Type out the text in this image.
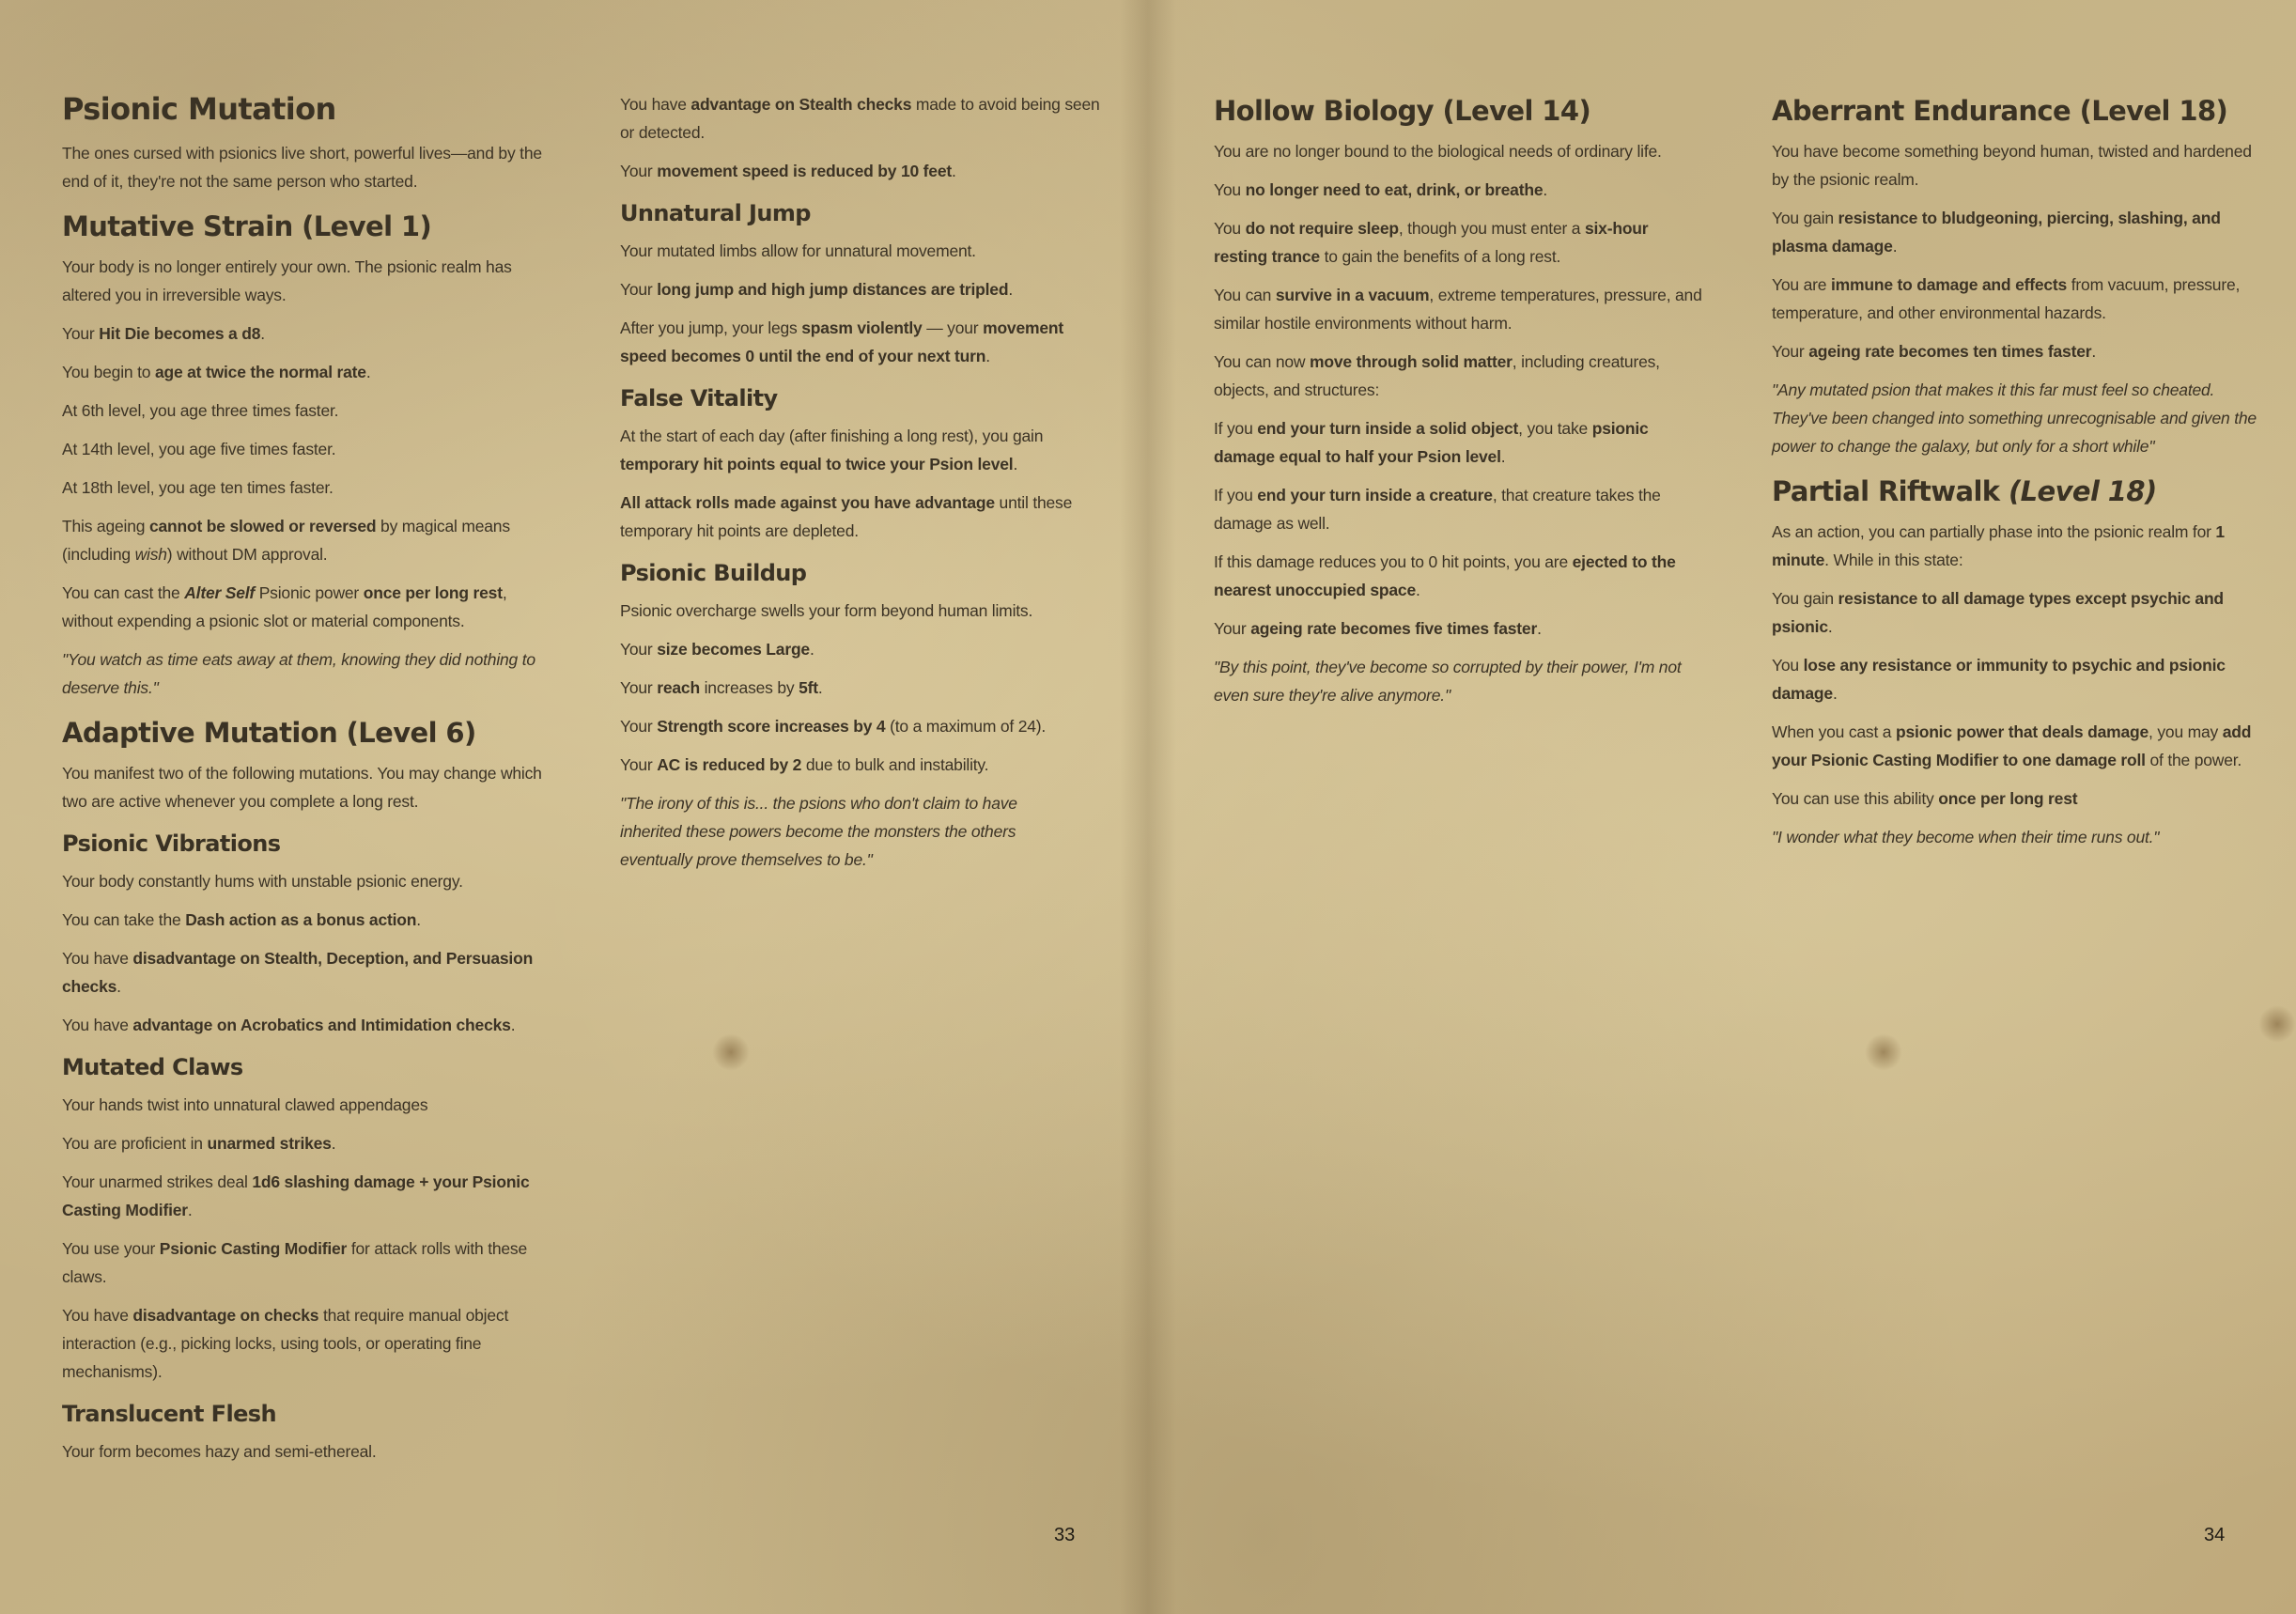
Psionic Mutation

The ones cursed with psionics live short, powerful lives—and by the end of it, they're not the same person who started.

Mutative Strain (Level 1)

Your body is no longer entirely your own. The psionic realm has altered you in irreversible ways.

Your Hit Die becomes a d8.

You begin to age at twice the normal rate.

At 6th level, you age three times faster.

At 14th level, you age five times faster.

At 18th level, you age ten times faster.

This ageing cannot be slowed or reversed by magical means (including wish) without DM approval.

You can cast the Alter Self Psionic power once per long rest, without expending a psionic slot or material components.

"You watch as time eats away at them, knowing they did nothing to deserve this."

Adaptive Mutation (Level 6)

You manifest two of the following mutations. You may change which two are active whenever you complete a long rest.

Psionic Vibrations

Your body constantly hums with unstable psionic energy.

You can take the Dash action as a bonus action.

You have disadvantage on Stealth, Deception, and Persuasion checks.

You have advantage on Acrobatics and Intimidation checks.

Mutated Claws

Your hands twist into unnatural clawed appendages

You are proficient in unarmed strikes.

Your unarmed strikes deal 1d6 slashing damage + your Psionic Casting Modifier.

You use your Psionic Casting Modifier for attack rolls with these claws.

You have disadvantage on checks that require manual object interaction (e.g., picking locks, using tools, or operating fine mechanisms).

Translucent Flesh

Your form becomes hazy and semi-ethereal.

You have advantage on Stealth checks made to avoid being seen or detected.

Your movement speed is reduced by 10 feet.

Unnatural Jump

Your mutated limbs allow for unnatural movement.

Your long jump and high jump distances are tripled.

After you jump, your legs spasm violently — your movement speed becomes 0 until the end of your next turn.

False Vitality

At the start of each day (after finishing a long rest), you gain temporary hit points equal to twice your Psion level.

All attack rolls made against you have advantage until these temporary hit points are depleted.

Psionic Buildup

Psionic overcharge swells your form beyond human limits.

Your size becomes Large.

Your reach increases by 5ft.

Your Strength score increases by 4 (to a maximum of 24).

Your AC is reduced by 2 due to bulk and instability.

"The irony of this is... the psions who don't claim to have inherited these powers become the monsters the others eventually prove themselves to be."

33
Hollow Biology (Level 14)

You are no longer bound to the biological needs of ordinary life.

You no longer need to eat, drink, or breathe.

You do not require sleep, though you must enter a six-hour resting trance to gain the benefits of a long rest.

You can survive in a vacuum, extreme temperatures, pressure, and similar hostile environments without harm.

You can now move through solid matter, including creatures, objects, and structures:

If you end your turn inside a solid object, you take psionic damage equal to half your Psion level.

If you end your turn inside a creature, that creature takes the damage as well.

If this damage reduces you to 0 hit points, you are ejected to the nearest unoccupied space.

Your ageing rate becomes five times faster.

"By this point, they've become so corrupted by their power, I'm not even sure they're alive anymore."

Aberrant Endurance (Level 18)

You have become something beyond human, twisted and hardened by the psionic realm.

You gain resistance to bludgeoning, piercing, slashing, and plasma damage.

You are immune to damage and effects from vacuum, pressure, temperature, and other environmental hazards.

Your ageing rate becomes ten times faster.

"Any mutated psion that makes it this far must feel so cheated. They've been changed into something unrecognisable and given the power to change the galaxy, but only for a short while"

Partial Riftwalk (Level 18)

As an action, you can partially phase into the psionic realm for 1 minute. While in this state:

You gain resistance to all damage types except psychic and psionic.

You lose any resistance or immunity to psychic and psionic damage.

When you cast a psionic power that deals damage, you may add your Psionic Casting Modifier to one damage roll of the power.

You can use this ability once per long rest

"I wonder what they become when their time runs out."

34
